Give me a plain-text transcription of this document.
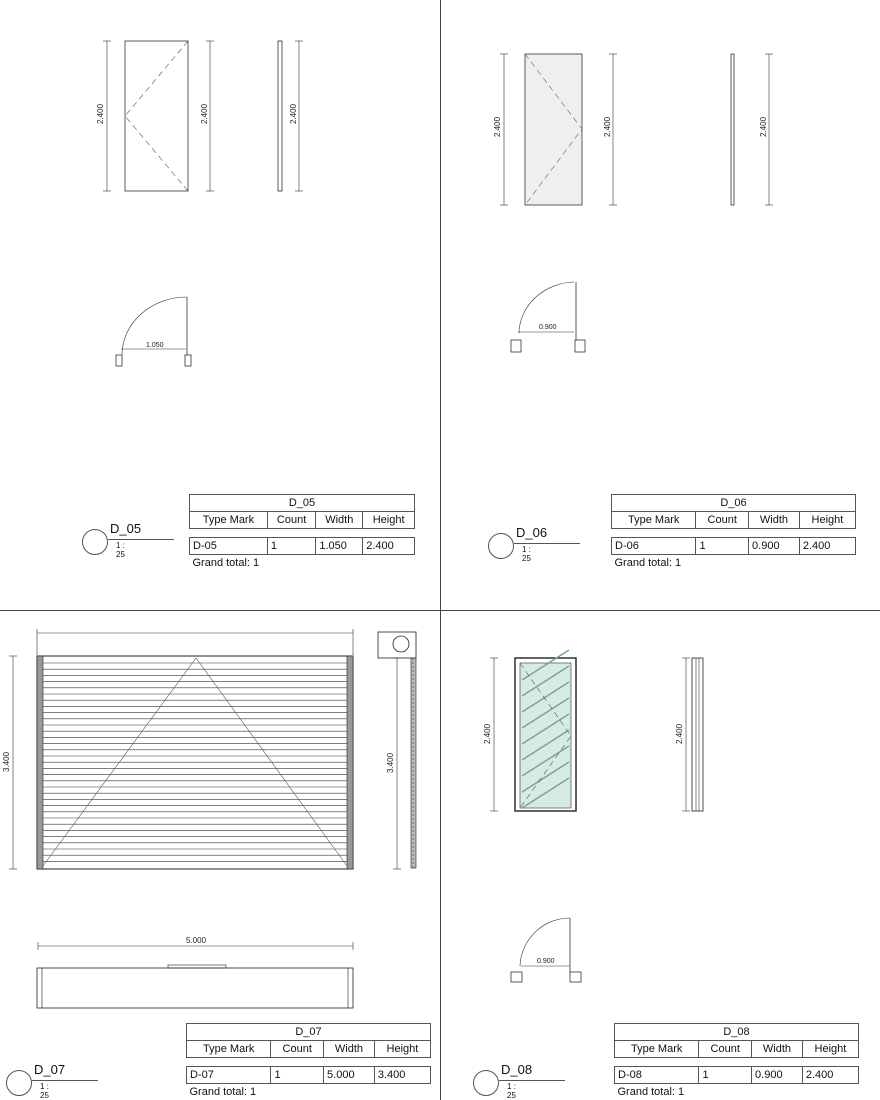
2.400	2.400	2.400
1.050
2.400	2.400	2.400
0.900
3.400	3.400
5.000
2.400	2.400
0.900
D_05
1 : 25
D_05			
Type Mark	Count	Width	Height

D-05	1	1.050	2.400
Grand total: 1			
D_06
1 : 25
D_06			
Type Mark	Count	Width	Height

D-06	1	0.900	2.400
Grand total: 1			
D_07
1 : 25
D_07			
Type Mark	Count	Width	Height

D-07	1	5.000	3.400
Grand total: 1			
D_08
1 : 25
D_08			
Type Mark	Count	Width	Height

D-08	1	0.900	2.400
Grand total: 1			
